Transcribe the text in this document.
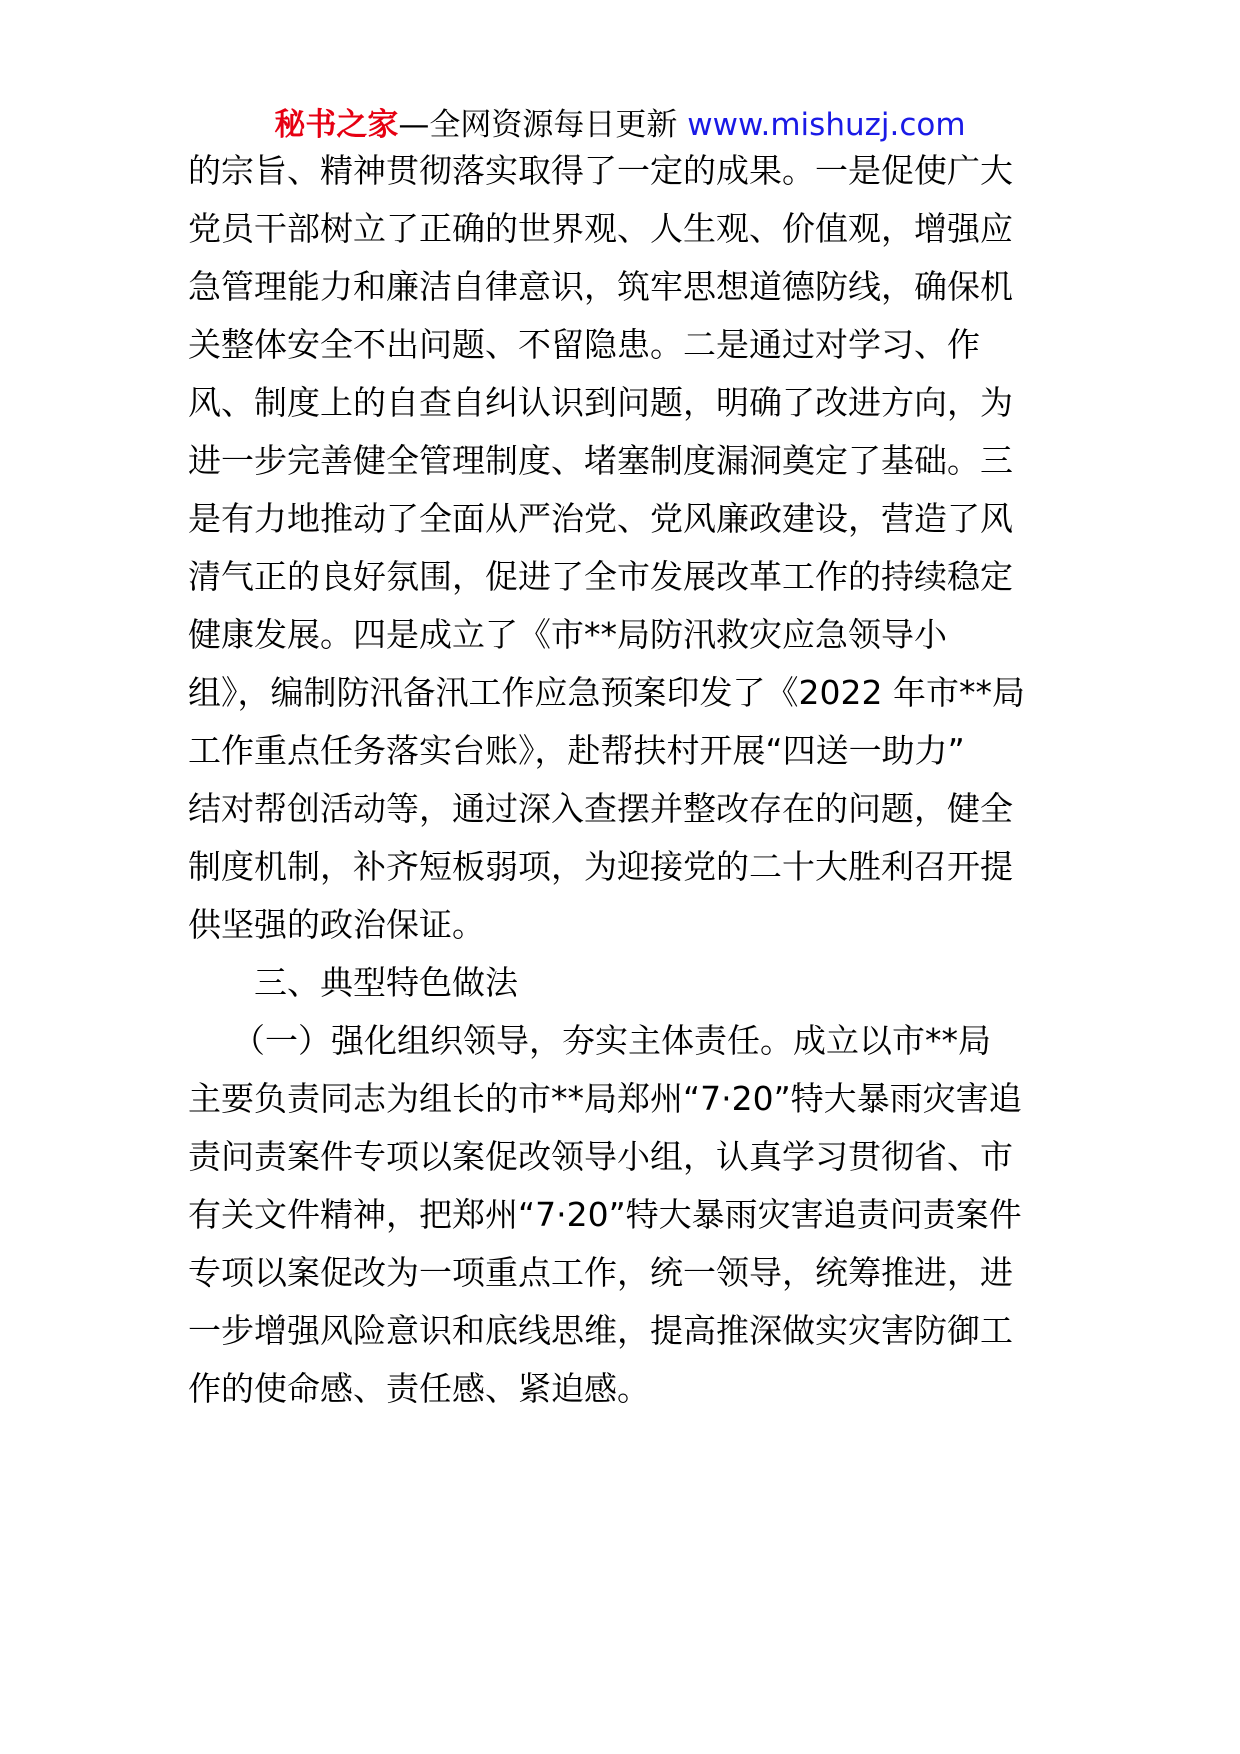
秘书之家—全网资源每日更新 www.mishuzj.com
的宗旨、精神贯彻落实取得了一定的成果。一是促使广大
党员干部树立了正确的世界观、人生观、价值观，增强应
急管理能力和廉洁自律意识，筑牢思想道德防线，确保机
关整体安全不出问题、不留隐患。二是通过对学习、作
风、制度上的自查自纠认识到问题，明确了改进方向，为
进一步完善健全管理制度、堵塞制度漏洞奠定了基础。三
是有力地推动了全面从严治党、党风廉政建设，营造了风
清气正的良好氛围，促进了全市发展改革工作的持续稳定
健康发展。四是成立了《市**局防汛救灾应急领导小
组》，编制防汛备汛工作应急预案印发了《2022 年市**局
工作重点任务落实台账》，赴帮扶村开展“四送一助力”
结对帮创活动等，通过深入查摆并整改存在的问题，健全
制度机制，补齐短板弱项，为迎接党的二十大胜利召开提
供坚强的政治保证。
三、典型特色做法
（一）强化组织领导，夯实主体责任。成立以市**局
主要负责同志为组长的市**局郑州“7·20”特大暴雨灾害追
责问责案件专项以案促改领导小组，认真学习贯彻省、市
有关文件精神，把郑州“7·20”特大暴雨灾害追责问责案件
专项以案促改为一项重点工作，统一领导，统筹推进，进
一步增强风险意识和底线思维，提高推深做实灾害防御工
作的使命感、责任感、紧迫感。
